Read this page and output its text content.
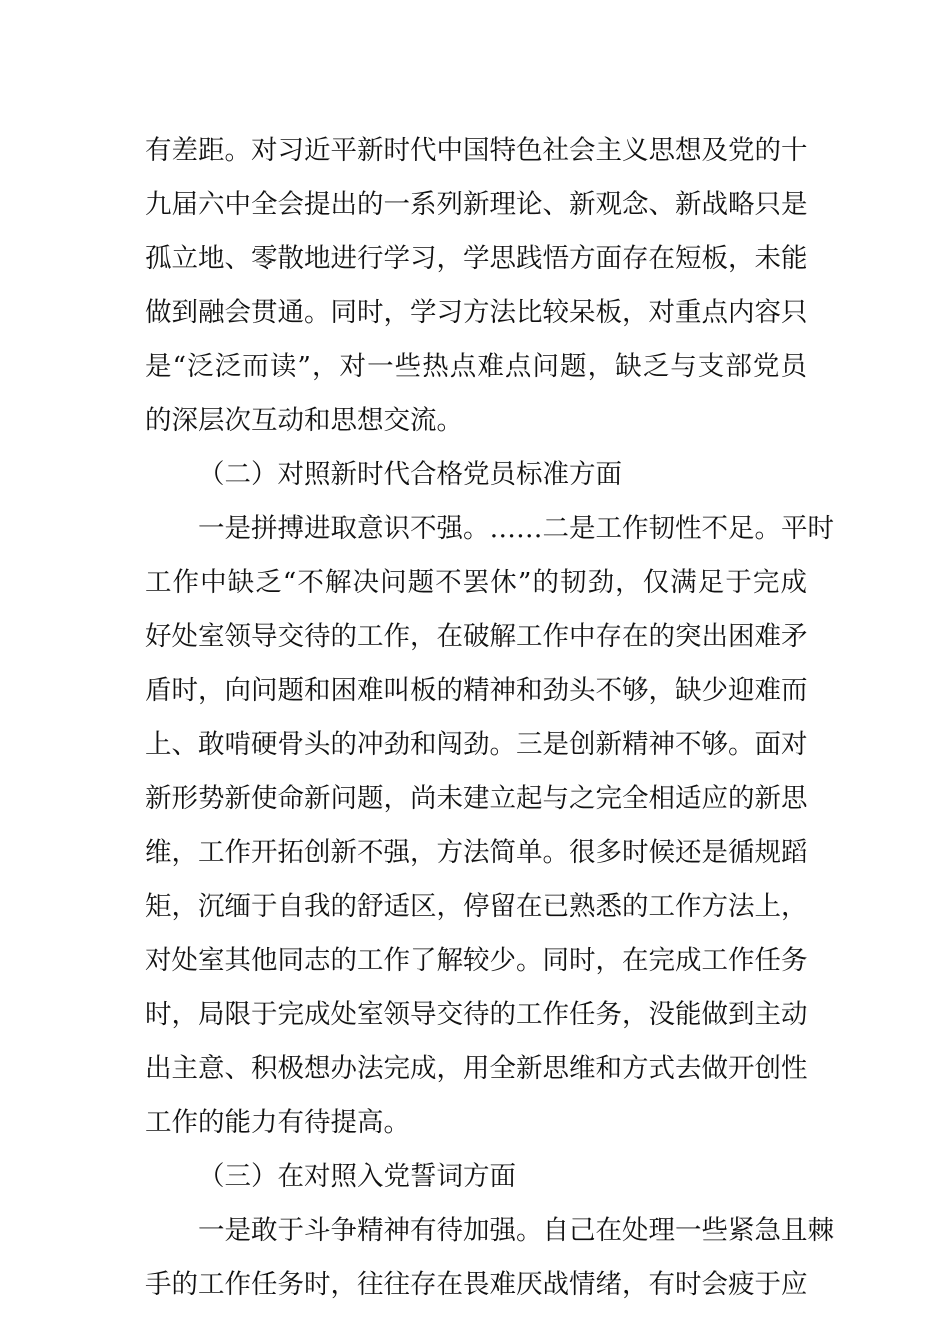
有差距。对习近平新时代中国特色社会主义思想及党的十
九届六中全会提出的一系列新理论、新观念、新战略只是
孤立地、零散地进行学习，学思践悟方面存在短板，未能
做到融会贯通。同时，学习方法比较呆板，对重点内容只
是“泛泛而读”，对一些热点难点问题，缺乏与支部党员
的深层次互动和思想交流。
（二）对照新时代合格党员标准方面
一是拼搏进取意识不强。……二是工作韧性不足。平时
工作中缺乏“不解决问题不罢休”的韧劲，仅满足于完成
好处室领导交待的工作，在破解工作中存在的突出困难矛
盾时，向问题和困难叫板的精神和劲头不够，缺少迎难而
上、敢啃硬骨头的冲劲和闯劲。三是创新精神不够。面对
新形势新使命新问题，尚未建立起与之完全相适应的新思
维，工作开拓创新不强，方法简单。很多时候还是循规蹈
矩，沉缅于自我的舒适区，停留在已熟悉的工作方法上，
对处室其他同志的工作了解较少。同时，在完成工作任务
时，局限于完成处室领导交待的工作任务，没能做到主动
出主意、积极想办法完成，用全新思维和方式去做开创性
工作的能力有待提高。
（三）在对照入党誓词方面
一是敢于斗争精神有待加强。自己在处理一些紧急且棘
手的工作任务时，往往存在畏难厌战情绪，有时会疲于应
